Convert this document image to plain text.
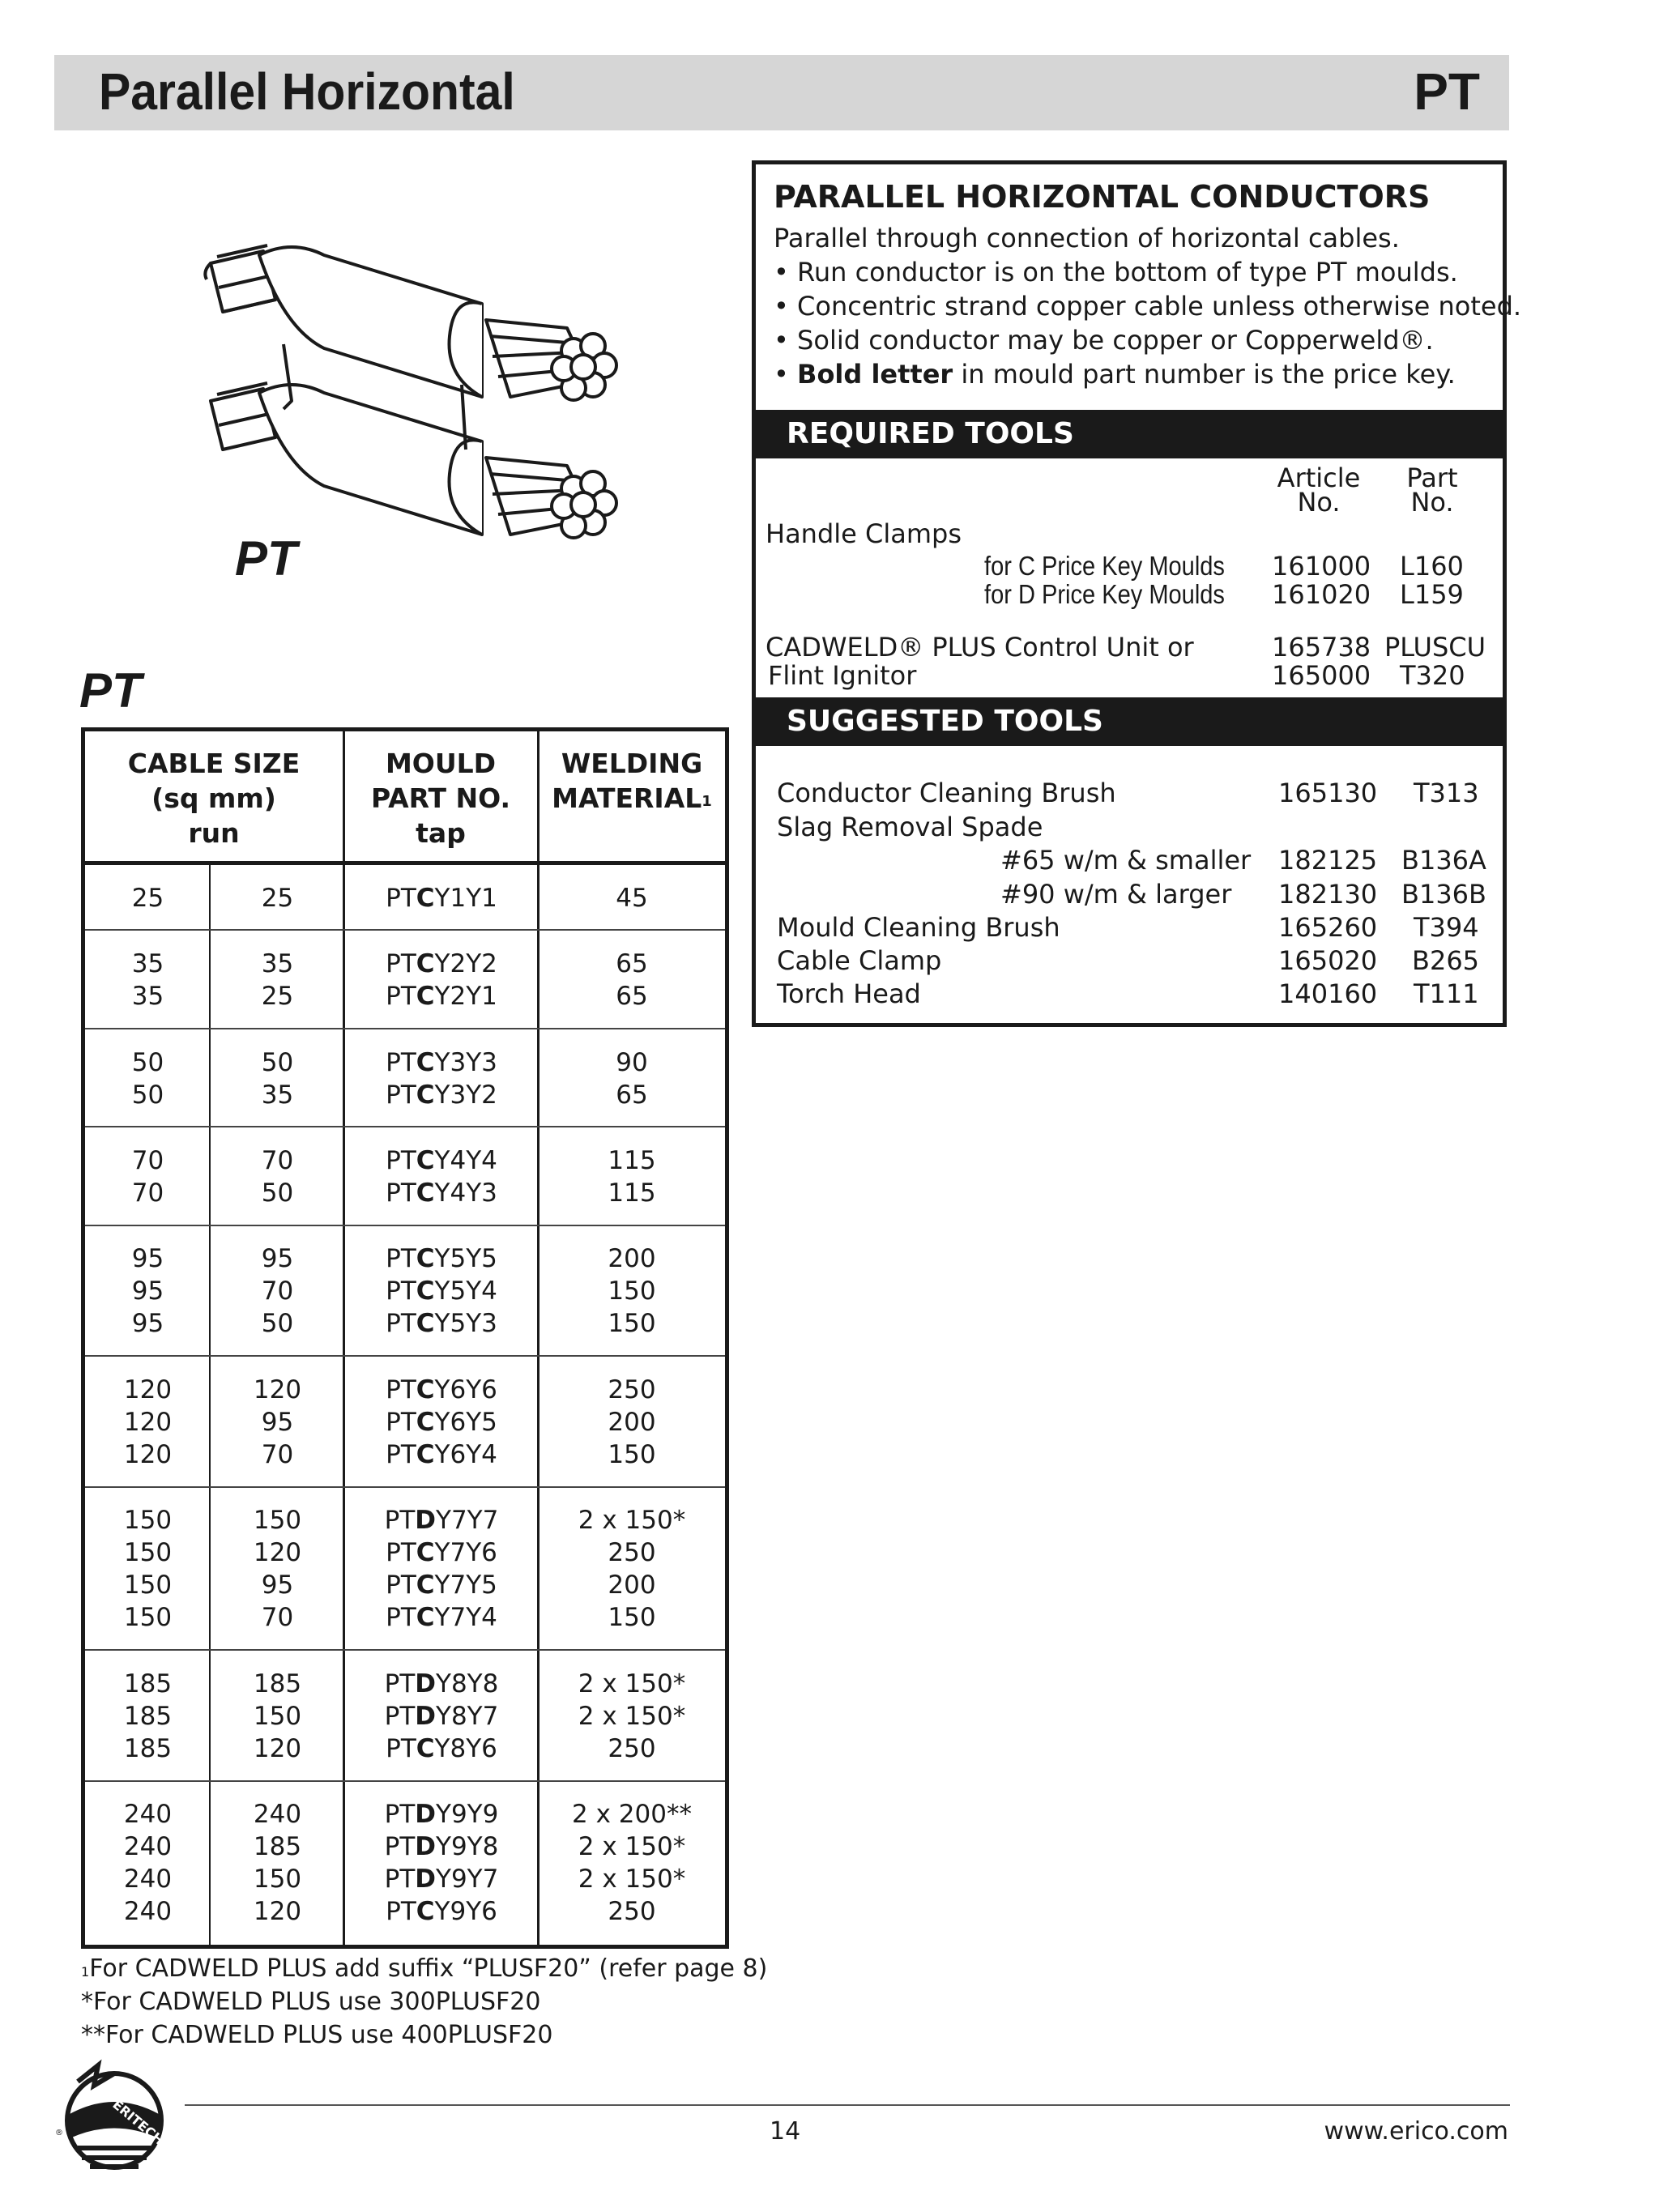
Parallel Horizontal	PT
PT
PT
CABLE SIZE
(sq mm)
run
MOULD
PART NO.
tap
WELDING
MATERIAL$^1$
25	25	PTCY1Y1	45
35	35	PTCY2Y2	65
35	25	PTCY2Y1	65
50	50	PTCY3Y3	90
50	35	PTCY3Y2	65
70	70	PTCY4Y4	115
70	50	PTCY4Y3	115
95	95	PTCY5Y5	200
95	70	PTCY5Y4	150
95	50	PTCY5Y3	150
120	120	PTCY6Y6	250
120	95	PTCY6Y5	200
120	70	PTCY6Y4	150
150	150	PTDY7Y7	2 x 150*
150	120	PTCY7Y6	250
150	95	PTCY7Y5	200
150	70	PTCY7Y4	150
185	185	PTDY8Y8	2 x 150*
185	150	PTDY8Y7	2 x 150*
185	120	PTCY8Y6	250
240	240	PTDY9Y9	2 x 200**
240	185	PTDY9Y8	2 x 150*
240	150	PTDY9Y7	2 x 150*
240	120	PTCY9Y6	250
$^1$For CADWELD PLUS add suffix “PLUSF20” (refer page 8)
*For CADWELD PLUS use 300PLUSF20
**For CADWELD PLUS use 400PLUSF20
PARALLEL HORIZONTAL CONDUCTORS
Parallel through connection of horizontal cables.
• Run conductor is on the bottom of type PT moulds.
• Concentric strand copper cable unless otherwise noted.
• Solid conductor may be copper or Copperweld®.
• Bold letter in mould part number is the price key.
REQUIRED TOOLS
Article
No.
Part
No.
Handle Clamps
for C Price Key Moulds 161000 L160
for D Price Key Moulds 161020 L159
CADWELD® PLUS Control Unit or	165738 PLUSCU
Flint Ignitor	165000 T320
SUGGESTED TOOLS
Conductor Cleaning Brush	165130 T313
Slag Removal Spade
#65 w/m & smaller 182125 B136A
#90 w/m & larger 182130 B136B
Mould Cleaning Brush	165260 T394
Cable Clamp	165020 B265
Torch Head	140160 T111
ERITECH
®	14	www.erico.com
